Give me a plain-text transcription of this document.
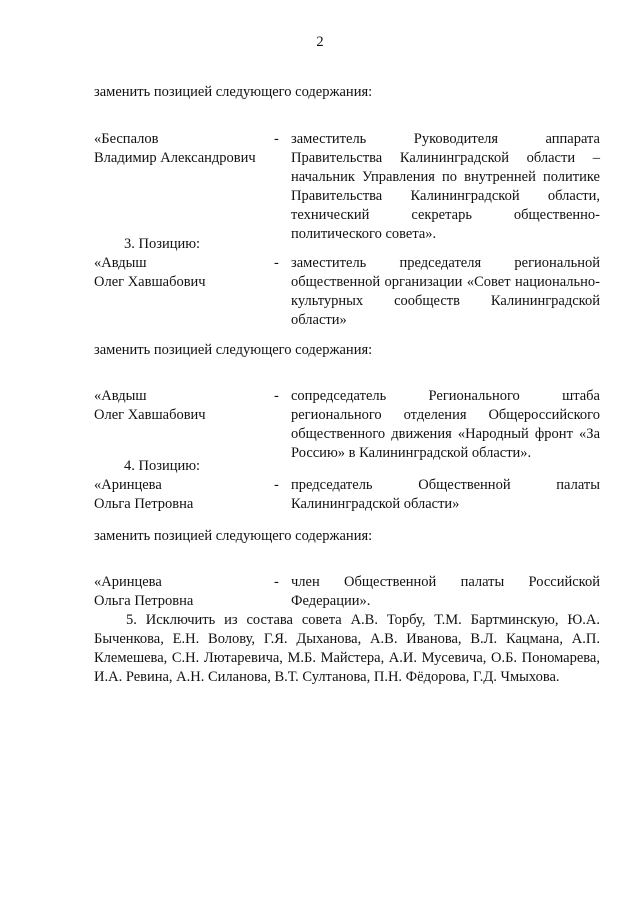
2
заменить позицией следующего содержания:
«Беспалов
Владимир Александрович
- заместитель Руководителя аппарата Правительства Калининградской области – начальник Управления по внутренней политике Правительства Калининградской области, технический секретарь общественно-политического совета».
3. Позицию:
«Авдыш
Олег Хавшабович
- заместитель председателя региональной общественной организации «Совет национально-культурных сообществ Калининградской области»
заменить позицией следующего содержания:
«Авдыш
Олег Хавшабович
- сопредседатель Регионального штаба регионального отделения Общероссийского общественного движения «Народный фронт «За Россию» в Калининградской области».
4. Позицию:
«Аринцева
Ольга Петровна
- председатель Общественной палаты Калининградской области»
заменить позицией следующего содержания:
«Аринцева
Ольга Петровна
- член Общественной палаты Российской Федерации».
5. Исключить из состава совета А.В. Торбу, Т.М. Бартминскую, Ю.А. Быченкова, Е.Н. Волову, Г.Я. Дыханова, А.В. Иванова, В.Л. Кацмана, А.П. Клемешева, С.Н. Лютаревича, М.Б. Майстера, А.И. Мусевича, О.Б. Пономарева, И.А. Ревина, А.Н. Силанова, В.Т. Султанова, П.Н. Фёдорова, Г.Д. Чмыхова.
